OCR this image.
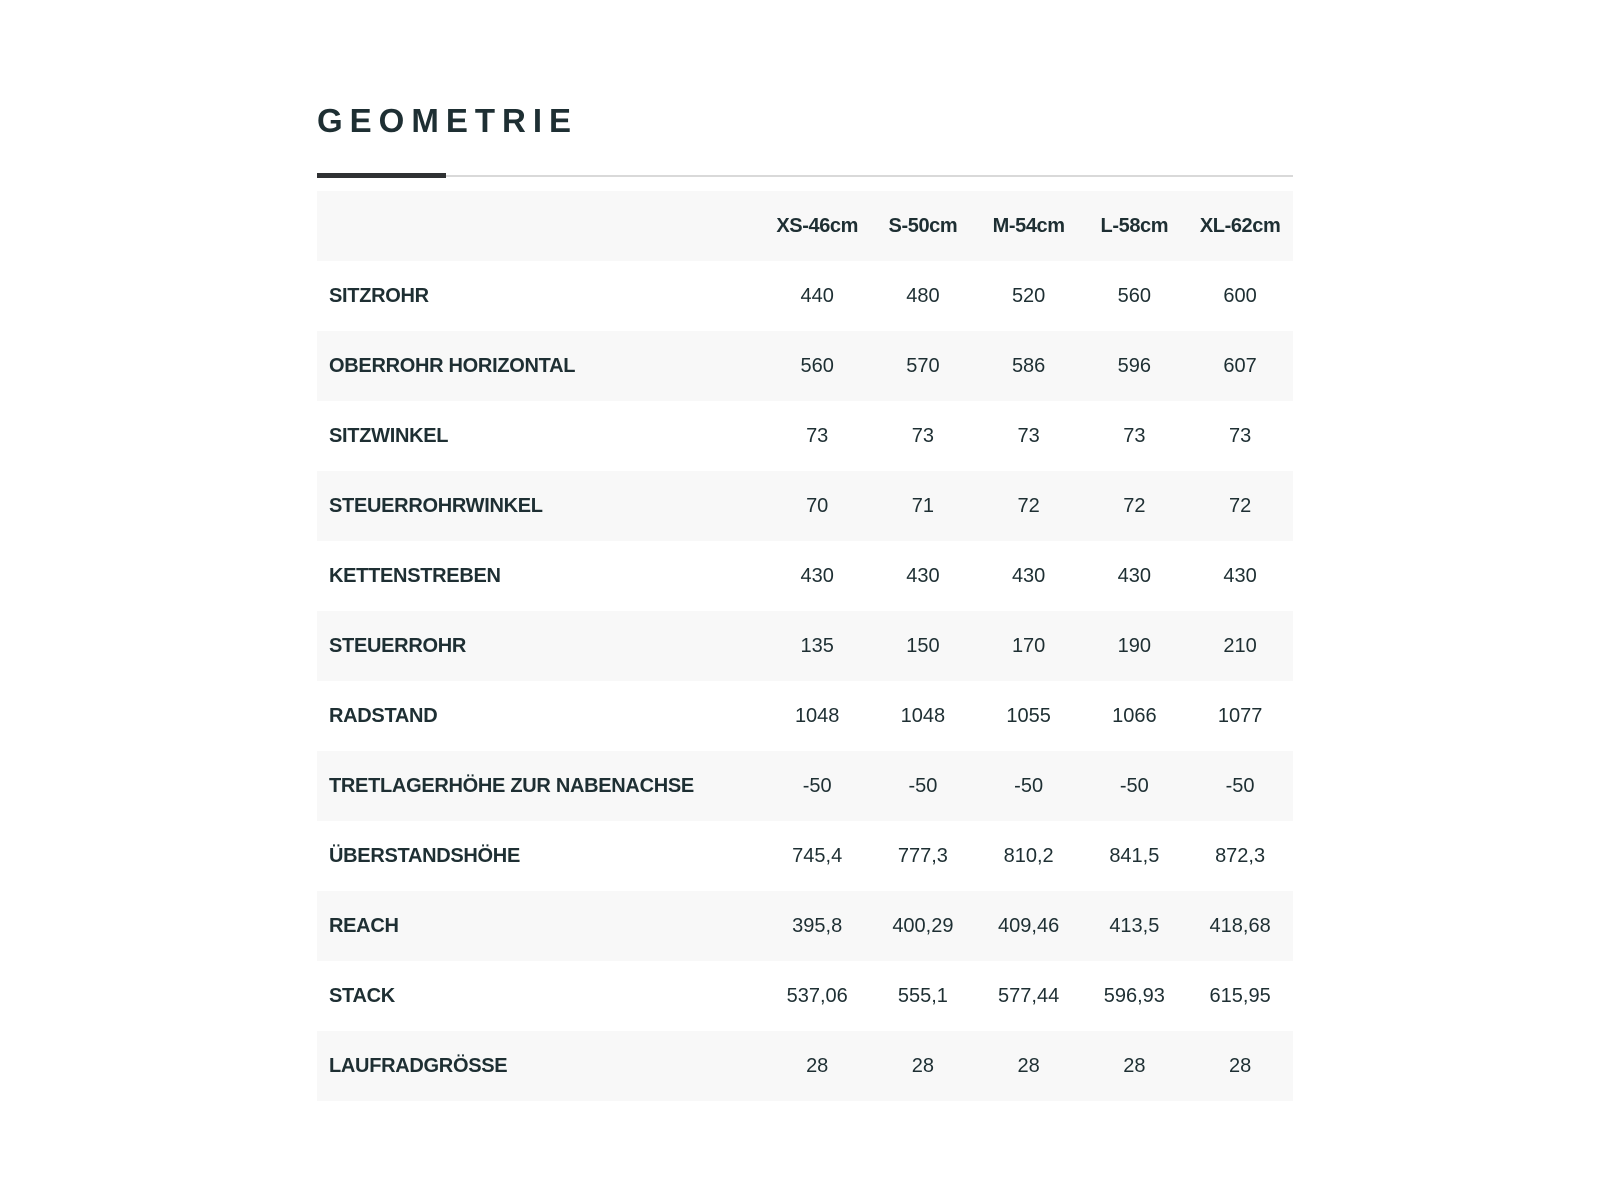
GEOMETRIE
	XS-46cm	S-50cm	M-54cm	L-58cm	XL-62cm
SITZROHR	440	480	520	560	600
OBERROHR HORIZONTAL	560	570	586	596	607
SITZWINKEL	73	73	73	73	73
STEUERROHRWINKEL	70	71	72	72	72
KETTENSTREBEN	430	430	430	430	430
STEUERROHR	135	150	170	190	210
RADSTAND	1048	1048	1055	1066	1077
TRETLAGERHÖHE ZUR NABENACHSE	-50	-50	-50	-50	-50
ÜBERSTANDSHÖHE	745,4	777,3	810,2	841,5	872,3
REACH	395,8	400,29	409,46	413,5	418,68
STACK	537,06	555,1	577,44	596,93	615,95
LAUFRADGRÖSSE	28	28	28	28	28
